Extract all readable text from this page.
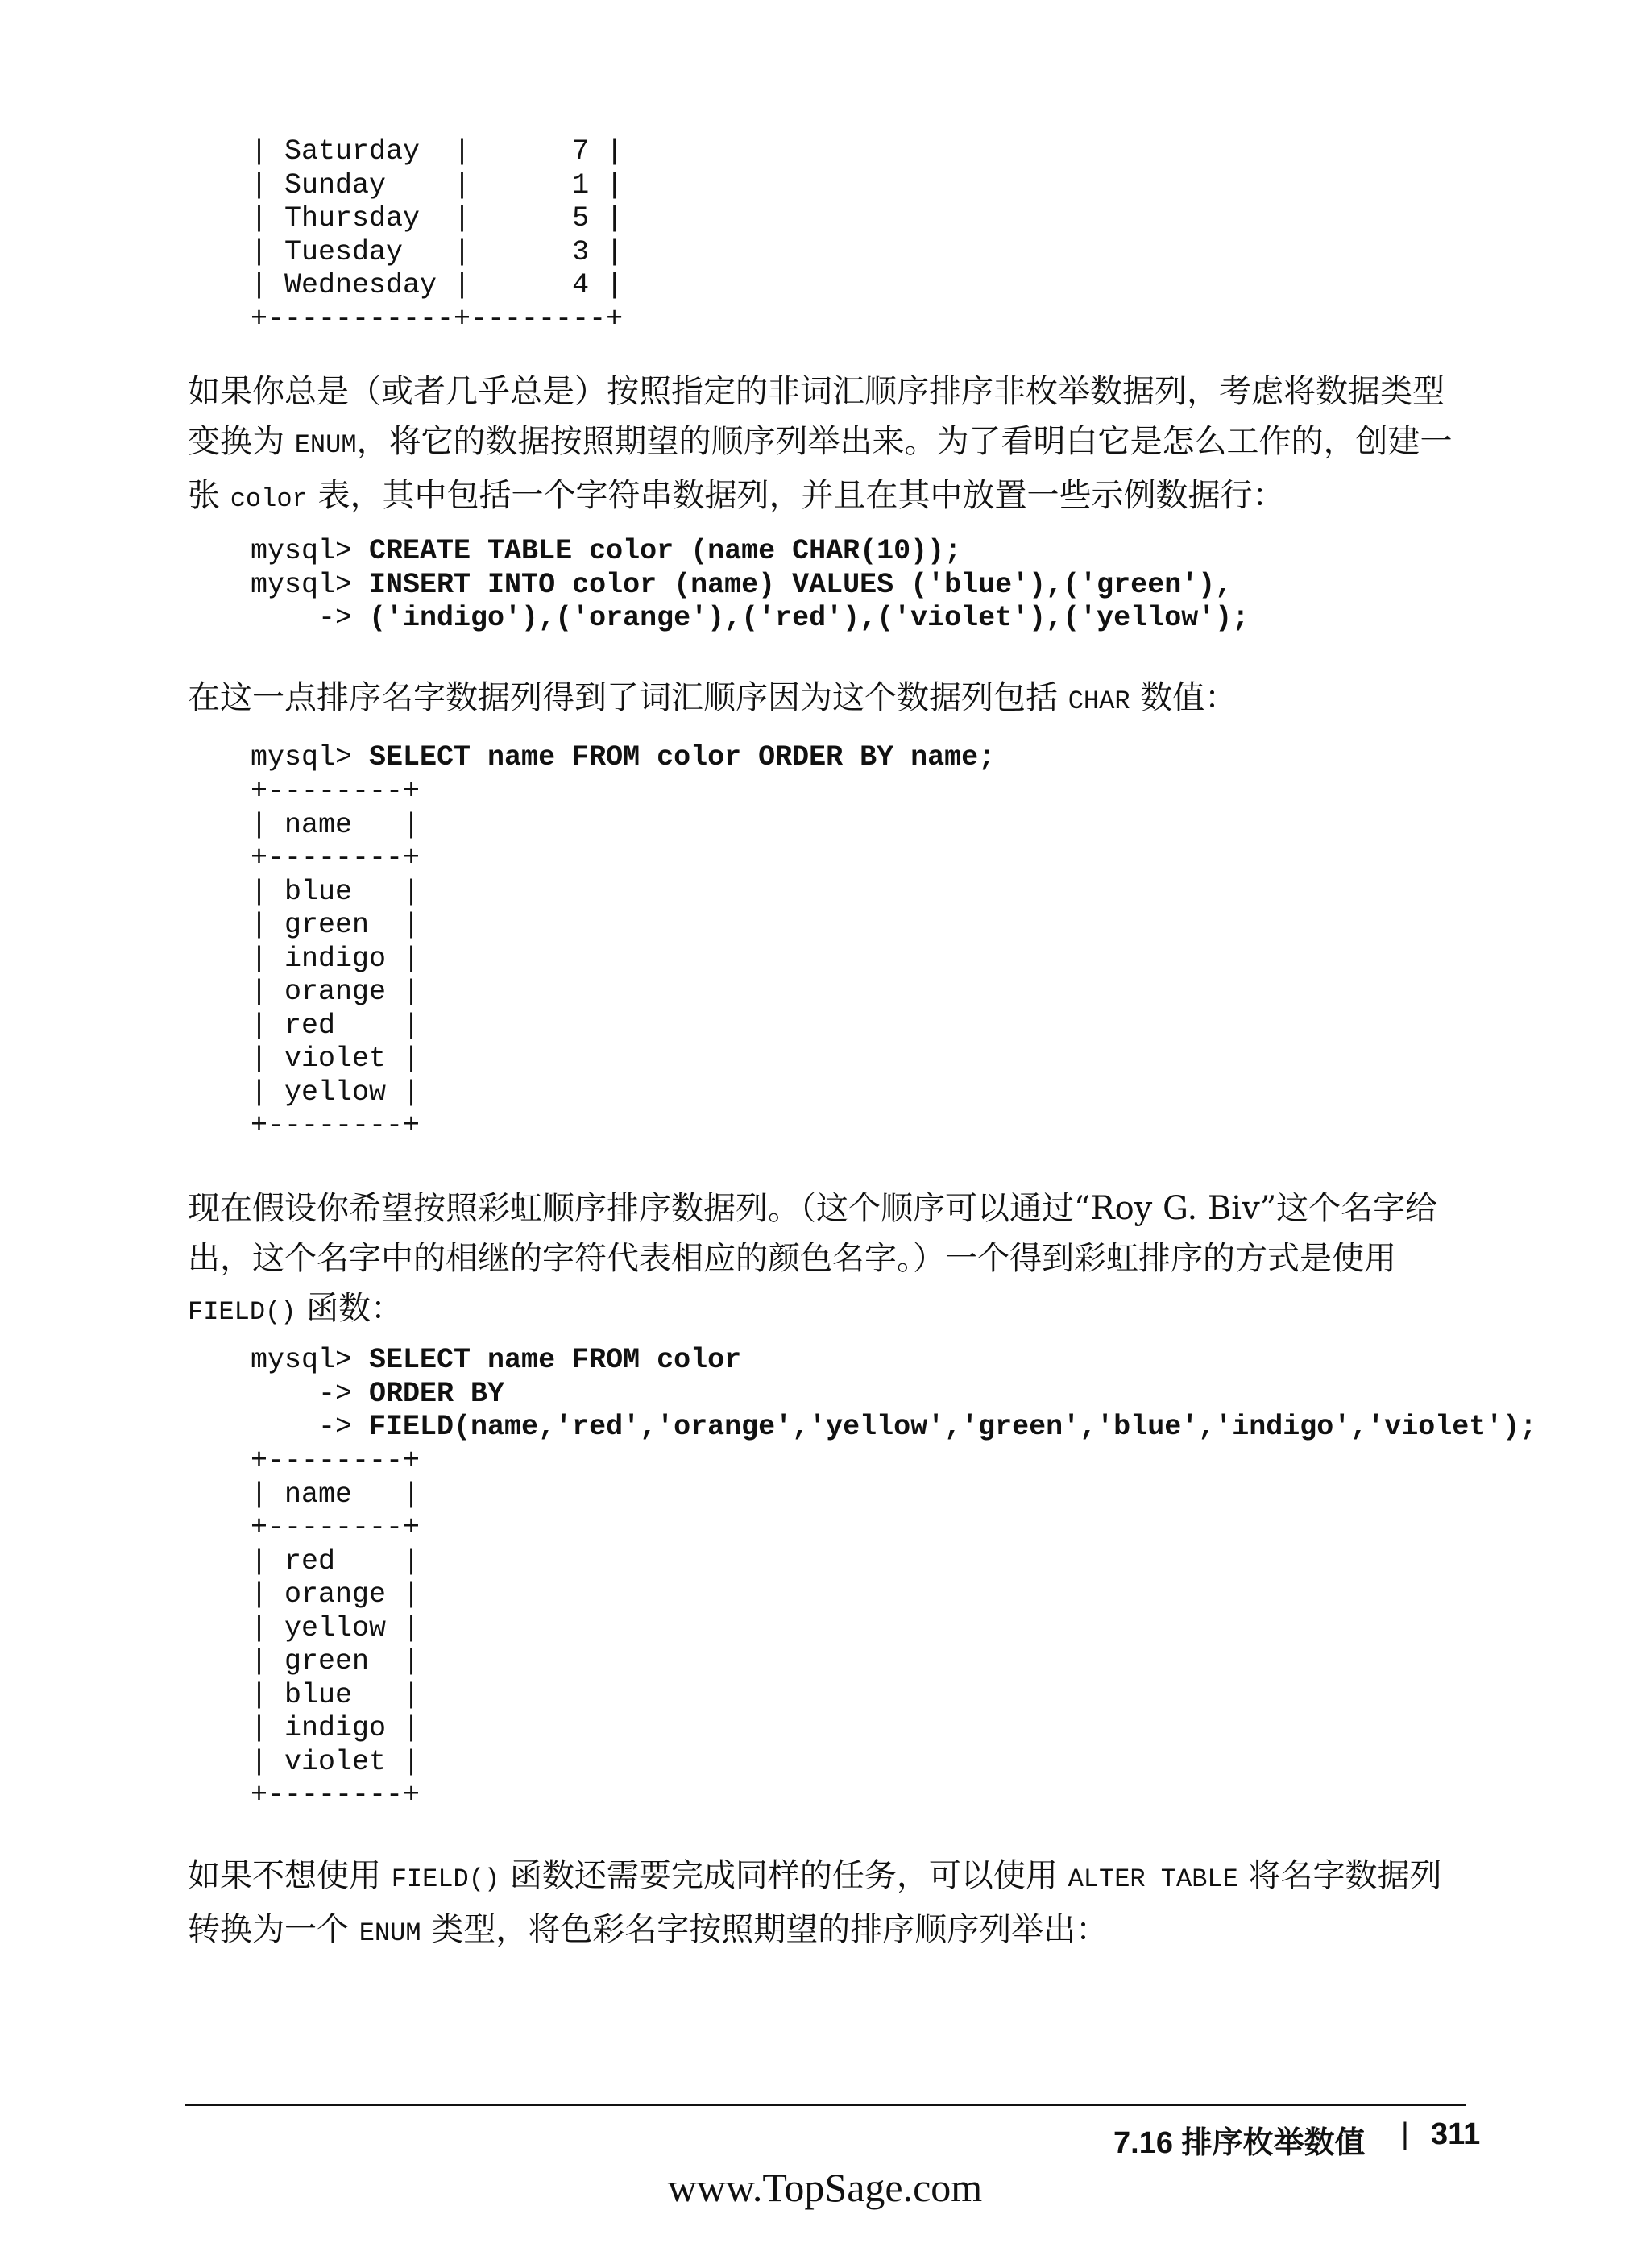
| Saturday  |      7 |
| Sunday    |      1 |
| Thursday  |      5 |
| Tuesday   |      3 |
| Wednesday |      4 |
+-----------+--------+

如果你总是（或者几乎总是）按照指定的非词汇顺序排序非枚举数据列，考虑将数据类型变换为 ENUM，将它的数据按照期望的顺序列举出来。为了看明白它是怎么工作的，创建一张 color 表，其中包括一个字符串数据列，并且在其中放置一些示例数据行：

mysql> CREATE TABLE color (name CHAR(10));
mysql> INSERT INTO color (name) VALUES ('blue'),('green'),
-> ('indigo'),('orange'),('red'),('violet'),('yellow');

在这一点排序名字数据列得到了词汇顺序因为这个数据列包括 CHAR 数值：

mysql> SELECT name FROM color ORDER BY name;
+--------+
| name   |
+--------+
| blue   |
| green  |
| indigo |
| orange |
| red    |
| violet |
| yellow |
+--------+

现在假设你希望按照彩虹顺序排序数据列。（这个顺序可以通过“Roy G. Biv”这个名字给出，这个名字中的相继的字符代表相应的颜色名字。）一个得到彩虹排序的方式是使用 FIELD() 函数：

mysql> SELECT name FROM color
-> ORDER BY
-> FIELD(name,'red','orange','yellow','green','blue','indigo','violet');
+--------+
| name   |
+--------+
| red    |
| orange |
| yellow |
| green  |
| blue   |
| indigo |
| violet |
+--------+

如果不想使用 FIELD() 函数还需要完成同样的任务，可以使用 ALTER TABLE 将名字数据列转换为一个 ENUM 类型，将色彩名字按照期望的排序顺序列举出：

7.16 排序枚举数值 | 311
www.TopSage.com
